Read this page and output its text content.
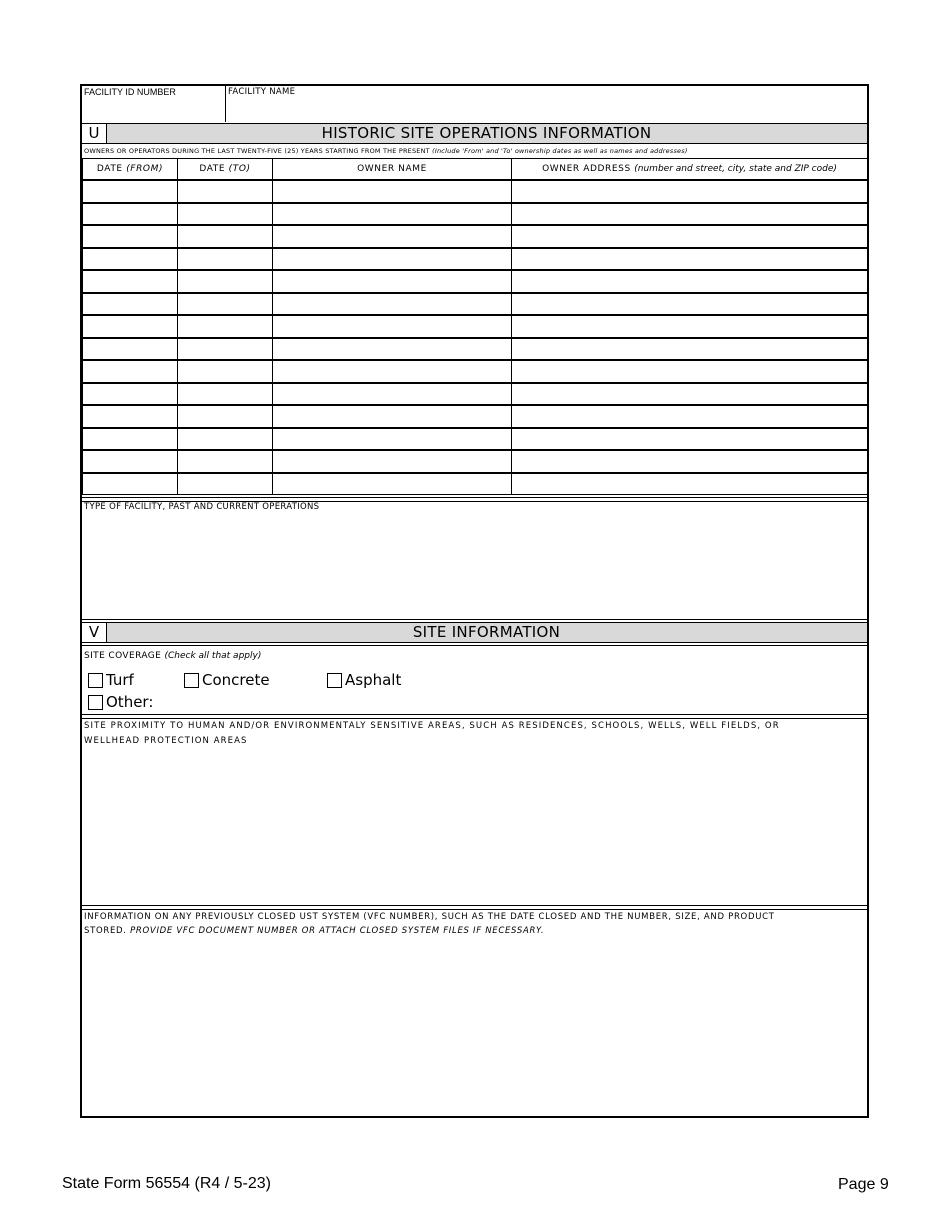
FACILITY ID NUMBER	FACILITY NAME
U	HISTORIC SITE OPERATIONS INFORMATION
OWNERS OR OPERATORS DURING THE LAST TWENTY-FIVE (25) YEARS STARTING FROM THE PRESENT (Include 'From' and 'To' ownership dates as well as names and addresses)
DATE (FROM)	DATE (TO)	OWNER NAME	OWNER ADDRESS (number and street, city, state and ZIP code)

TYPE OF FACILITY, PAST AND CURRENT OPERATIONS
V	SITE INFORMATION
SITE COVERAGE (Check all that apply)
Turf	Concrete	Asphalt
Other:
SITE PROXIMITY TO HUMAN AND/OR ENVIRONMENTALY SENSITIVE AREAS, SUCH AS RESIDENCES, SCHOOLS, WELLS, WELL FIELDS, OR WELLHEAD PROTECTION AREAS
INFORMATION ON ANY PREVIOUSLY CLOSED UST SYSTEM (VFC NUMBER), SUCH AS THE DATE CLOSED AND THE NUMBER, SIZE, AND PRODUCT STORED. PROVIDE VFC DOCUMENT NUMBER OR ATTACH CLOSED SYSTEM FILES IF NECESSARY.
State Form 56554 (R4 / 5-23)	Page 9
